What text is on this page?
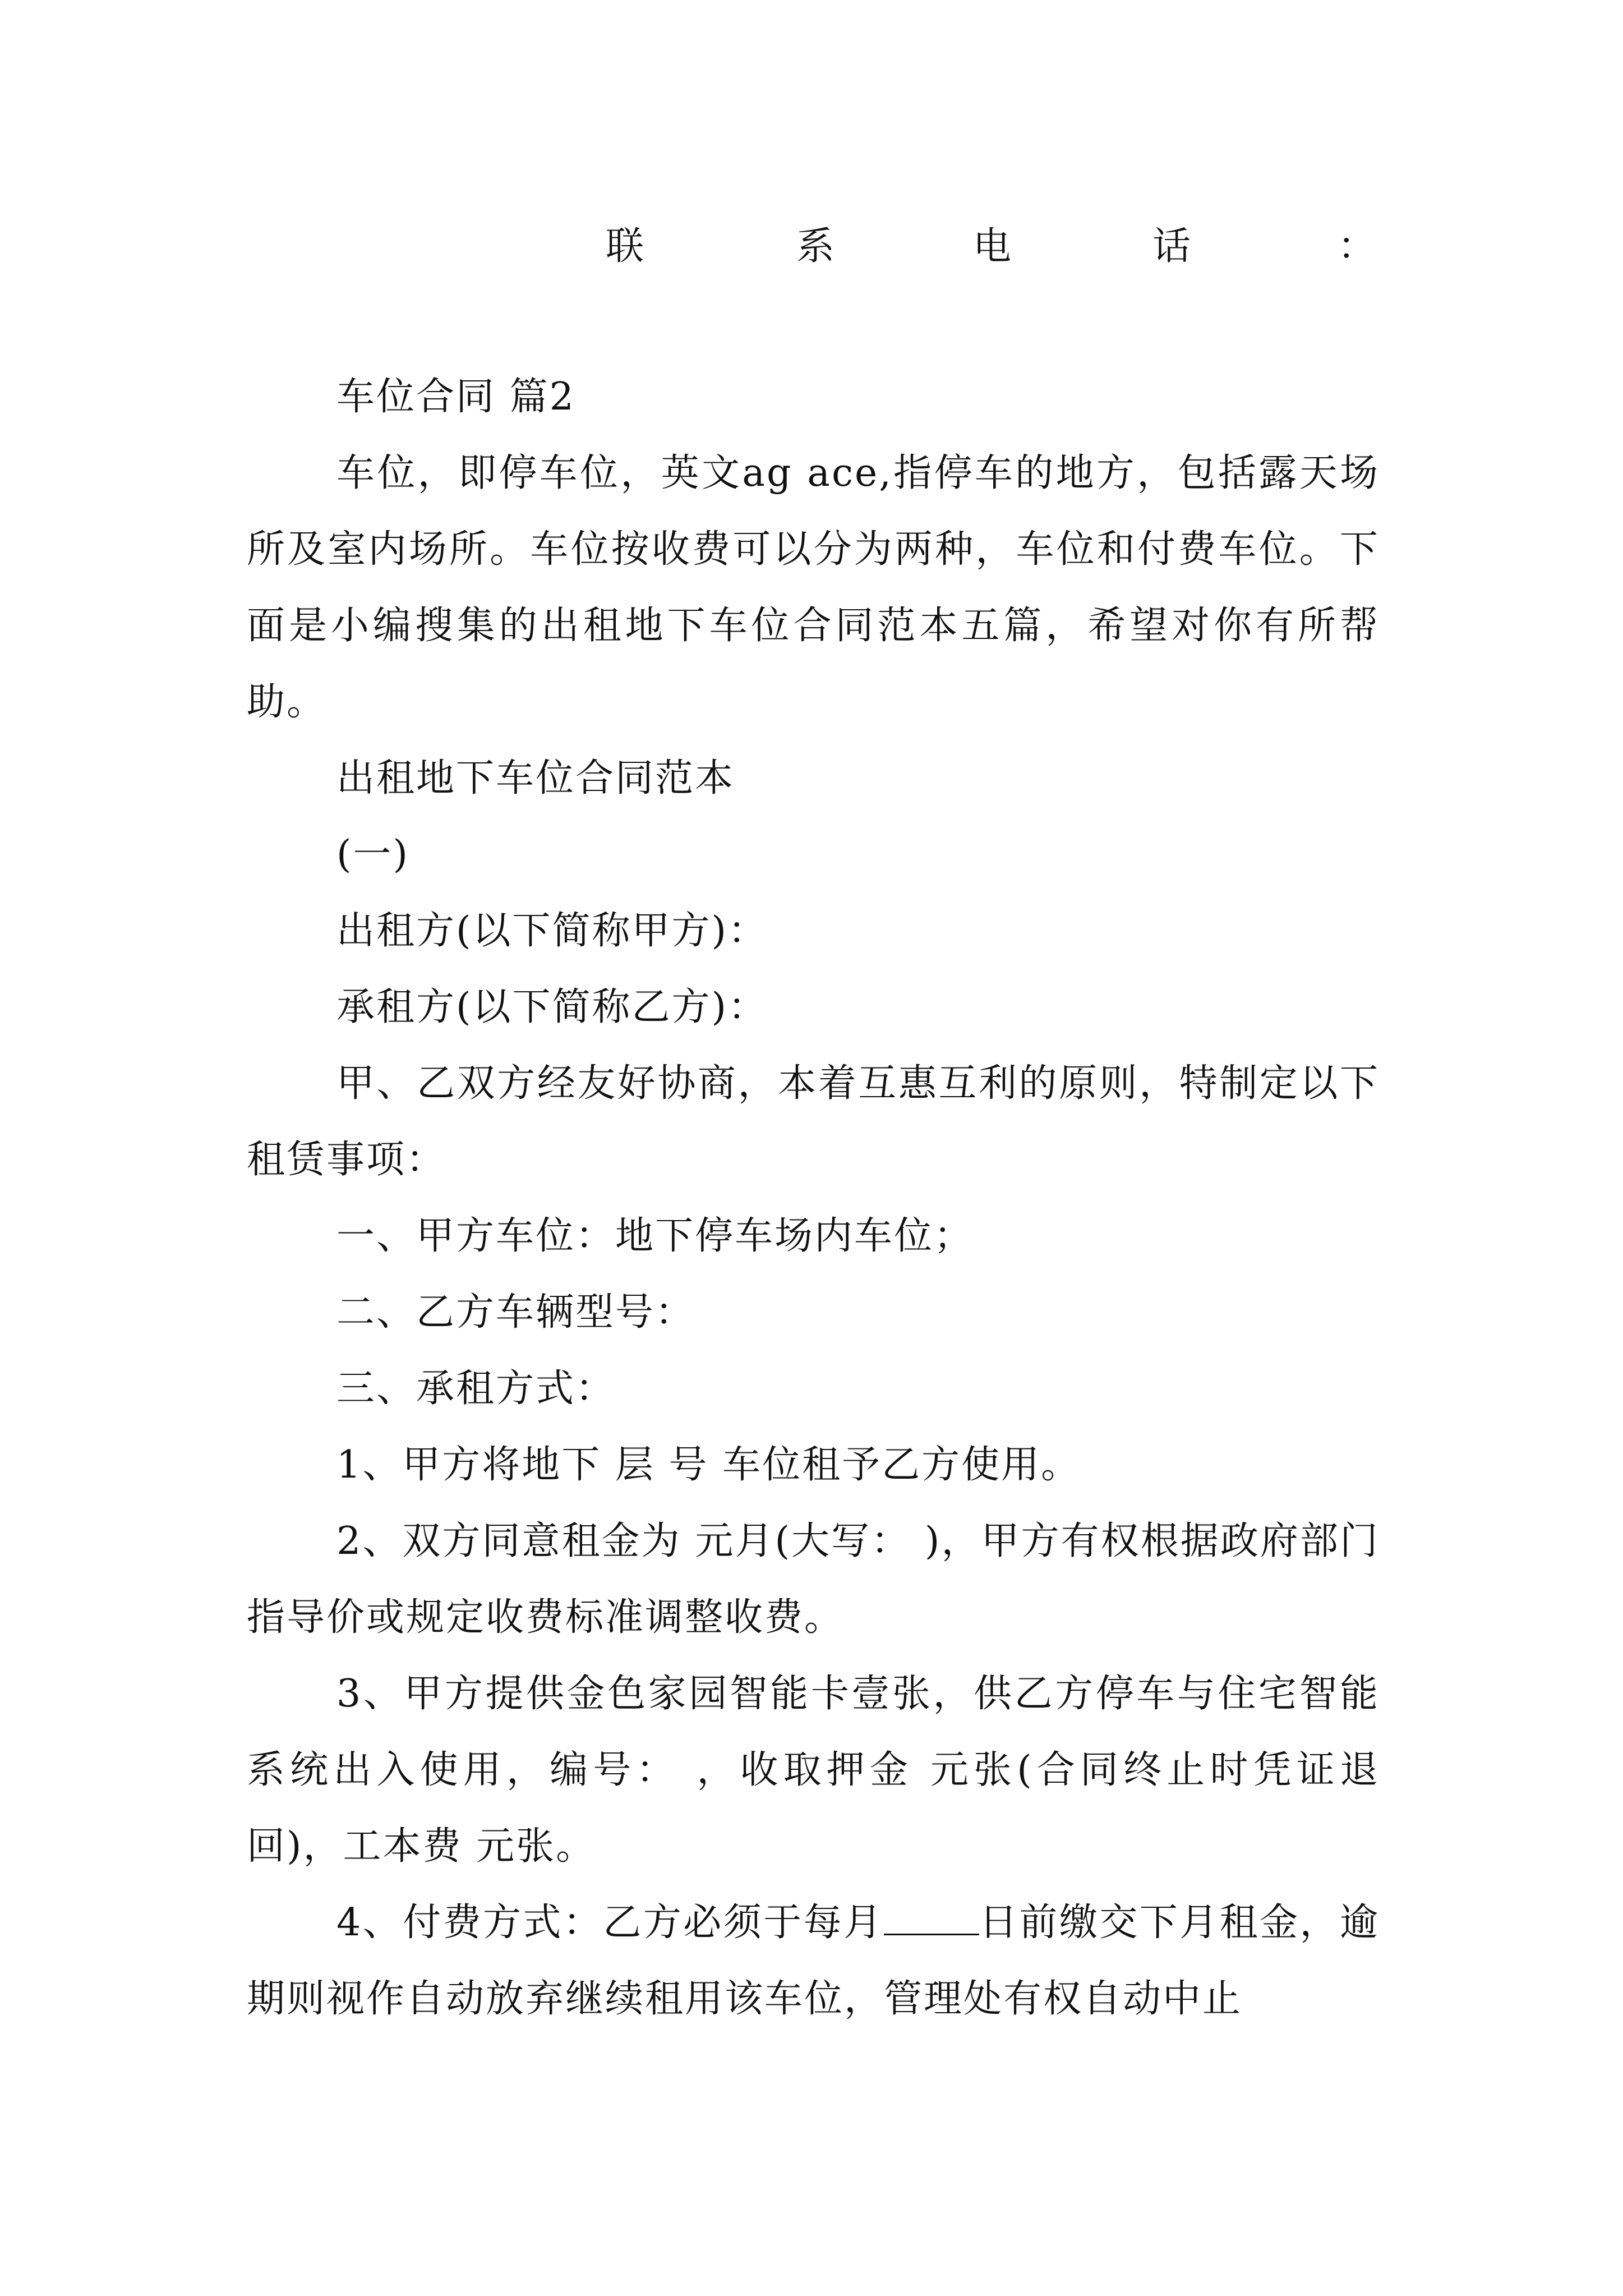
联	系	电	话	：

车位合同 篇2

车位，即停车位，英文ag ace,指停车的地方，包括露天场所及室内场所。车位按收费可以分为两种，车位和付费车位。下面是小编搜集的出租地下车位合同范本五篇，希望对你有所帮助。

出租地下车位合同范本

(一)

出租方(以下简称甲方)：

承租方(以下简称乙方)：

甲、乙双方经友好协商，本着互惠互利的原则，特制定以下租赁事项：

一、甲方车位：地下停车场内车位；

二、乙方车辆型号：

三、承租方式：

1、甲方将地下 层 号 车位租予乙方使用。

2、双方同意租金为 元月(大写： )，甲方有权根据政府部门指导价或规定收费标准调整收费。

3、甲方提供金色家园智能卡壹张，供乙方停车与住宅智能系统出入使用，编号： ，收取押金 元张(合同终止时凭证退回)，工本费 元张。

4、付费方式：乙方必须于每月	日前缴交下月租金，逾期则视作自动放弃继续租用该车位，管理处有权自动中止
